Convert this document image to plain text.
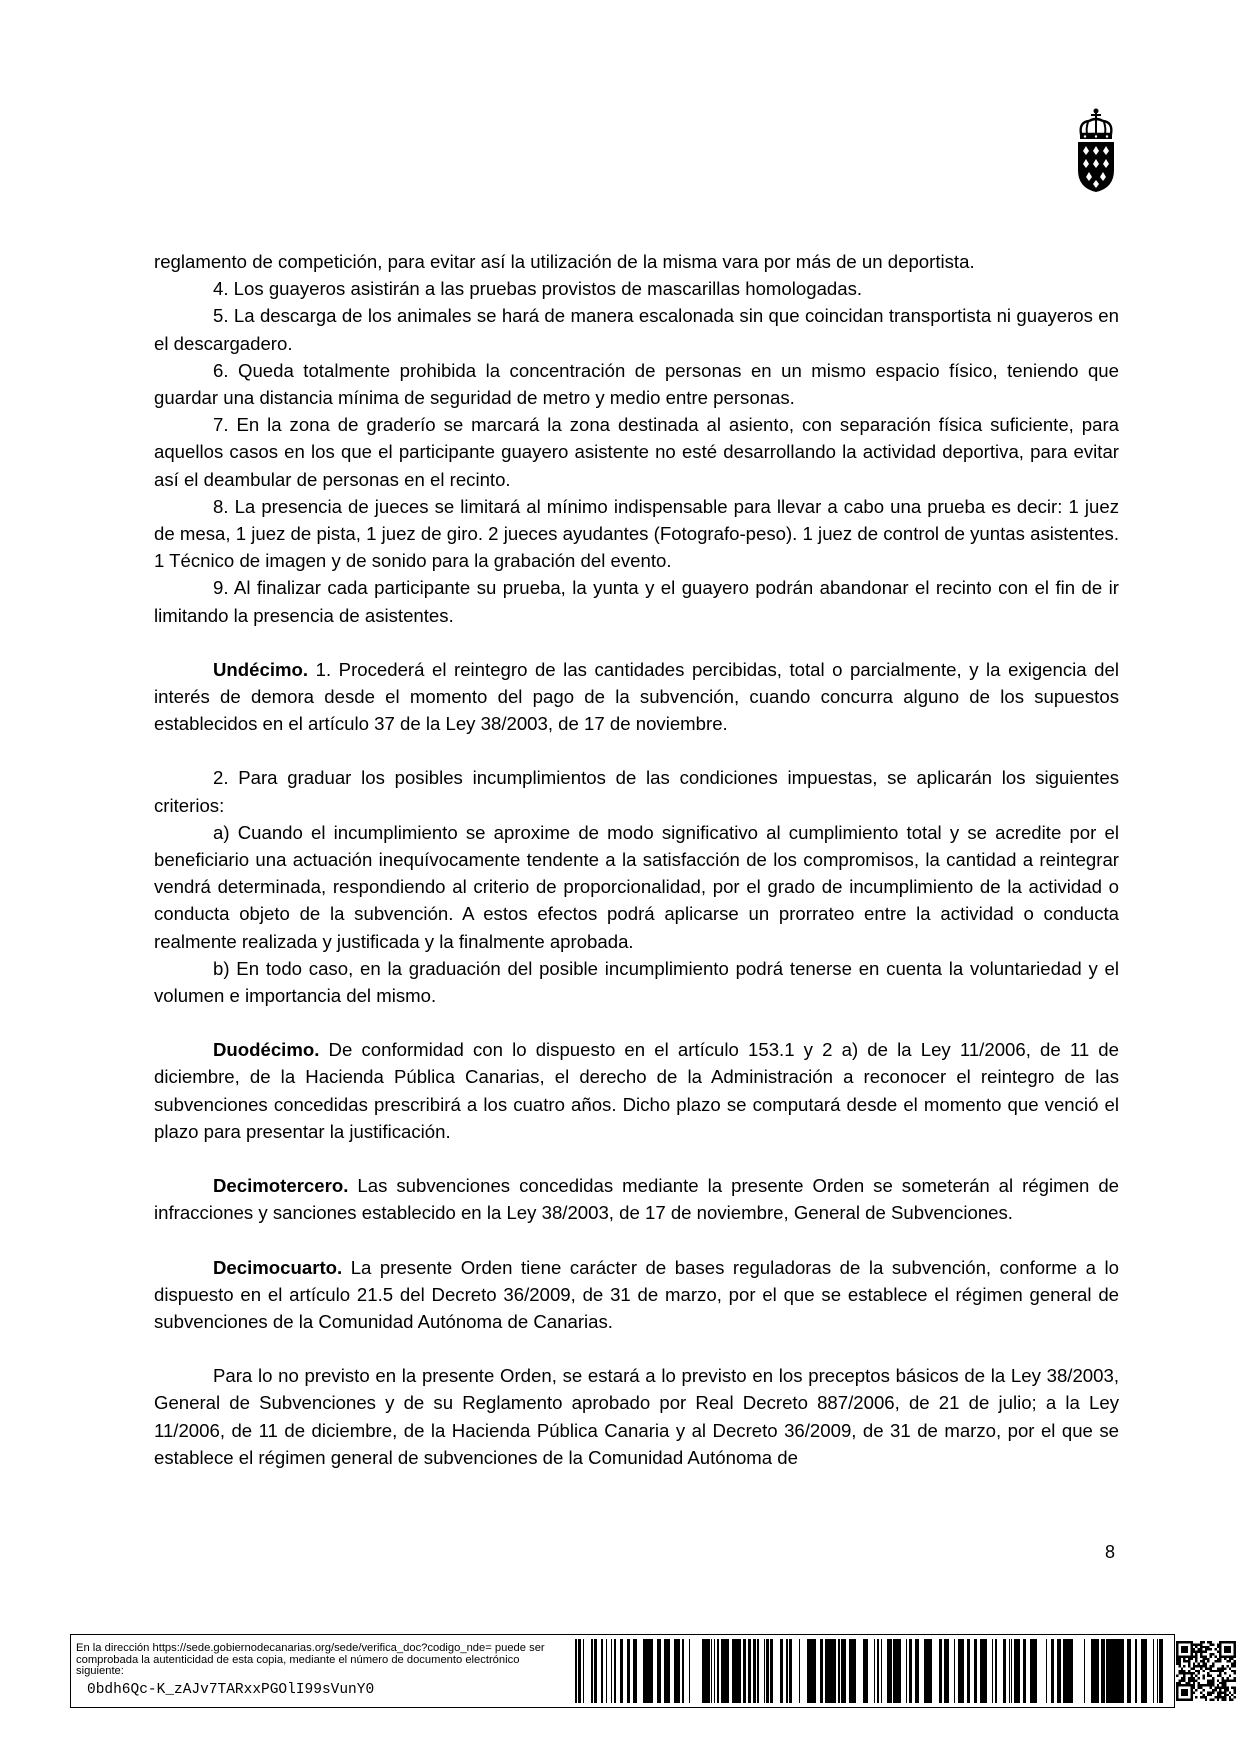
reglamento de competición, para evitar así la utilización de la misma vara por más de un deportista.

4. Los guayeros asistirán a las pruebas provistos de mascarillas homologadas.

5. La descarga de los animales se hará de manera escalonada sin que coincidan transportista ni guayeros en el descargadero.

6. Queda totalmente prohibida la concentración de personas en un mismo espacio físico, teniendo que guardar una distancia mínima de seguridad de metro y medio entre personas.

7. En la zona de graderío se marcará la zona destinada al asiento, con separación física suficiente, para aquellos casos en los que el participante guayero asistente no esté desarrollando la actividad deportiva, para evitar así el deambular de personas en el recinto.

8. La presencia de jueces se limitará al mínimo indispensable para llevar a cabo una prueba es decir: 1 juez de mesa, 1 juez de pista, 1 juez de giro. 2 jueces ayudantes (Fotografo-peso). 1 juez de control de yuntas asistentes. 1 Técnico de imagen y de sonido para la grabación del evento.

9. Al finalizar cada participante su prueba, la yunta y el guayero podrán abandonar el recinto con el fin de ir limitando la presencia de asistentes.

Undécimo. 1. Procederá el reintegro de las cantidades percibidas, total o parcialmente, y la exigencia del interés de demora desde el momento del pago de la subvención, cuando concurra alguno de los supuestos establecidos en el artículo 37 de la Ley 38/2003, de 17 de noviembre.

2. Para graduar los posibles incumplimientos de las condiciones impuestas, se aplicarán los siguientes criterios:

a) Cuando el incumplimiento se aproxime de modo significativo al cumplimiento total y se acredite por el beneficiario una actuación inequívocamente tendente a la satisfacción de los compromisos, la cantidad a reintegrar vendrá determinada, respondiendo al criterio de proporcionalidad, por el grado de incumplimiento de la actividad o conducta objeto de la subvención. A estos efectos podrá aplicarse un prorrateo entre la actividad o conducta realmente realizada y justificada y la finalmente aprobada.

b) En todo caso, en la graduación del posible incumplimiento podrá tenerse en cuenta la voluntariedad y el volumen e importancia del mismo.

Duodécimo. De conformidad con lo dispuesto en el artículo 153.1 y 2 a) de la Ley 11/2006, de 11 de diciembre, de la Hacienda Pública Canarias, el derecho de la Administración a reconocer el reintegro de las subvenciones concedidas prescribirá a los cuatro años. Dicho plazo se computará desde el momento que venció el plazo para presentar la justificación.

Decimotercero. Las subvenciones concedidas mediante la presente Orden se someterán al régimen de infracciones y sanciones establecido en la Ley 38/2003, de 17 de noviembre, General de Subvenciones.

Decimocuarto. La presente Orden tiene carácter de bases reguladoras de la subvención, conforme a lo dispuesto en el artículo 21.5 del Decreto 36/2009, de 31 de marzo, por el que se establece el régimen general de subvenciones de la Comunidad Autónoma de Canarias.

Para lo no previsto en la presente Orden, se estará a lo previsto en los preceptos básicos de la Ley 38/2003, General de Subvenciones y de su Reglamento aprobado por Real Decreto 887/2006, de 21 de julio; a la Ley 11/2006, de 11 de diciembre, de la Hacienda Pública Canaria y al Decreto 36/2009, de 31 de marzo, por el que se establece el régimen general de subvenciones de la Comunidad Autónoma de

8
En la dirección https://sede.gobiernodecanarias.org/sede/verifica_doc?codigo_nde= puede ser comprobada la autenticidad de esta copia, mediante el número de documento electrónico siguiente:
0bdh6Qc-K_zAJv7TARxxPGOlI99sVunY0
